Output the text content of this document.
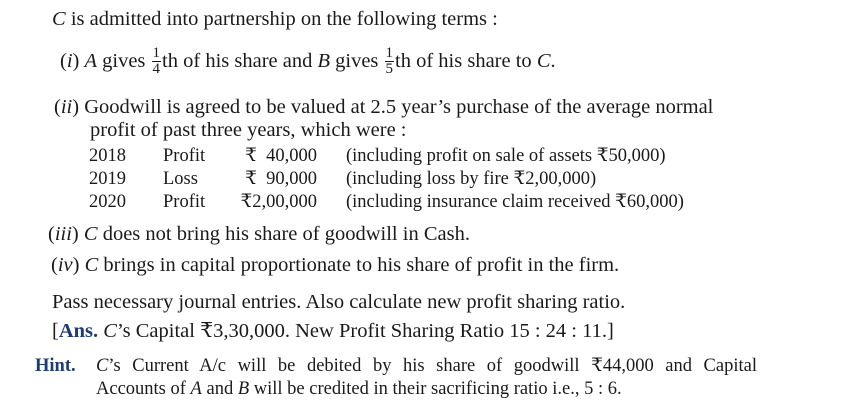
C is admitted into partnership on the following terms :
(i) A gives $\frac{1}{4}$ th of his share and B gives $\frac{1}{5}$ th of his share to C.
(ii) Goodwill is agreed to be valued at 2.5 year’s purchase of the average normal
profit of past three years, which were :
2018 Profit	₹  40,000 (including profit on sale of assets ₹50,000)
2019 Loss	₹  90,000 (including loss by fire ₹2,00,000)
2020 Profit	₹2,00,000 (including insurance claim received ₹60,000)
(iii) C does not bring his share of goodwill in Cash.
(iv) C brings in capital proportionate to his share of profit in the firm.
Pass necessary journal entries. Also calculate new profit sharing ratio.
[Ans. C’s Capital ₹3,30,000. New Profit Sharing Ratio 15 : 24 : 11.]
Hint. C’s Current A/c will be debited by his share of goodwill ₹44,000 and Capital
Accounts of A and B will be credited in their sacrificing ratio i.e., 5 : 6.
